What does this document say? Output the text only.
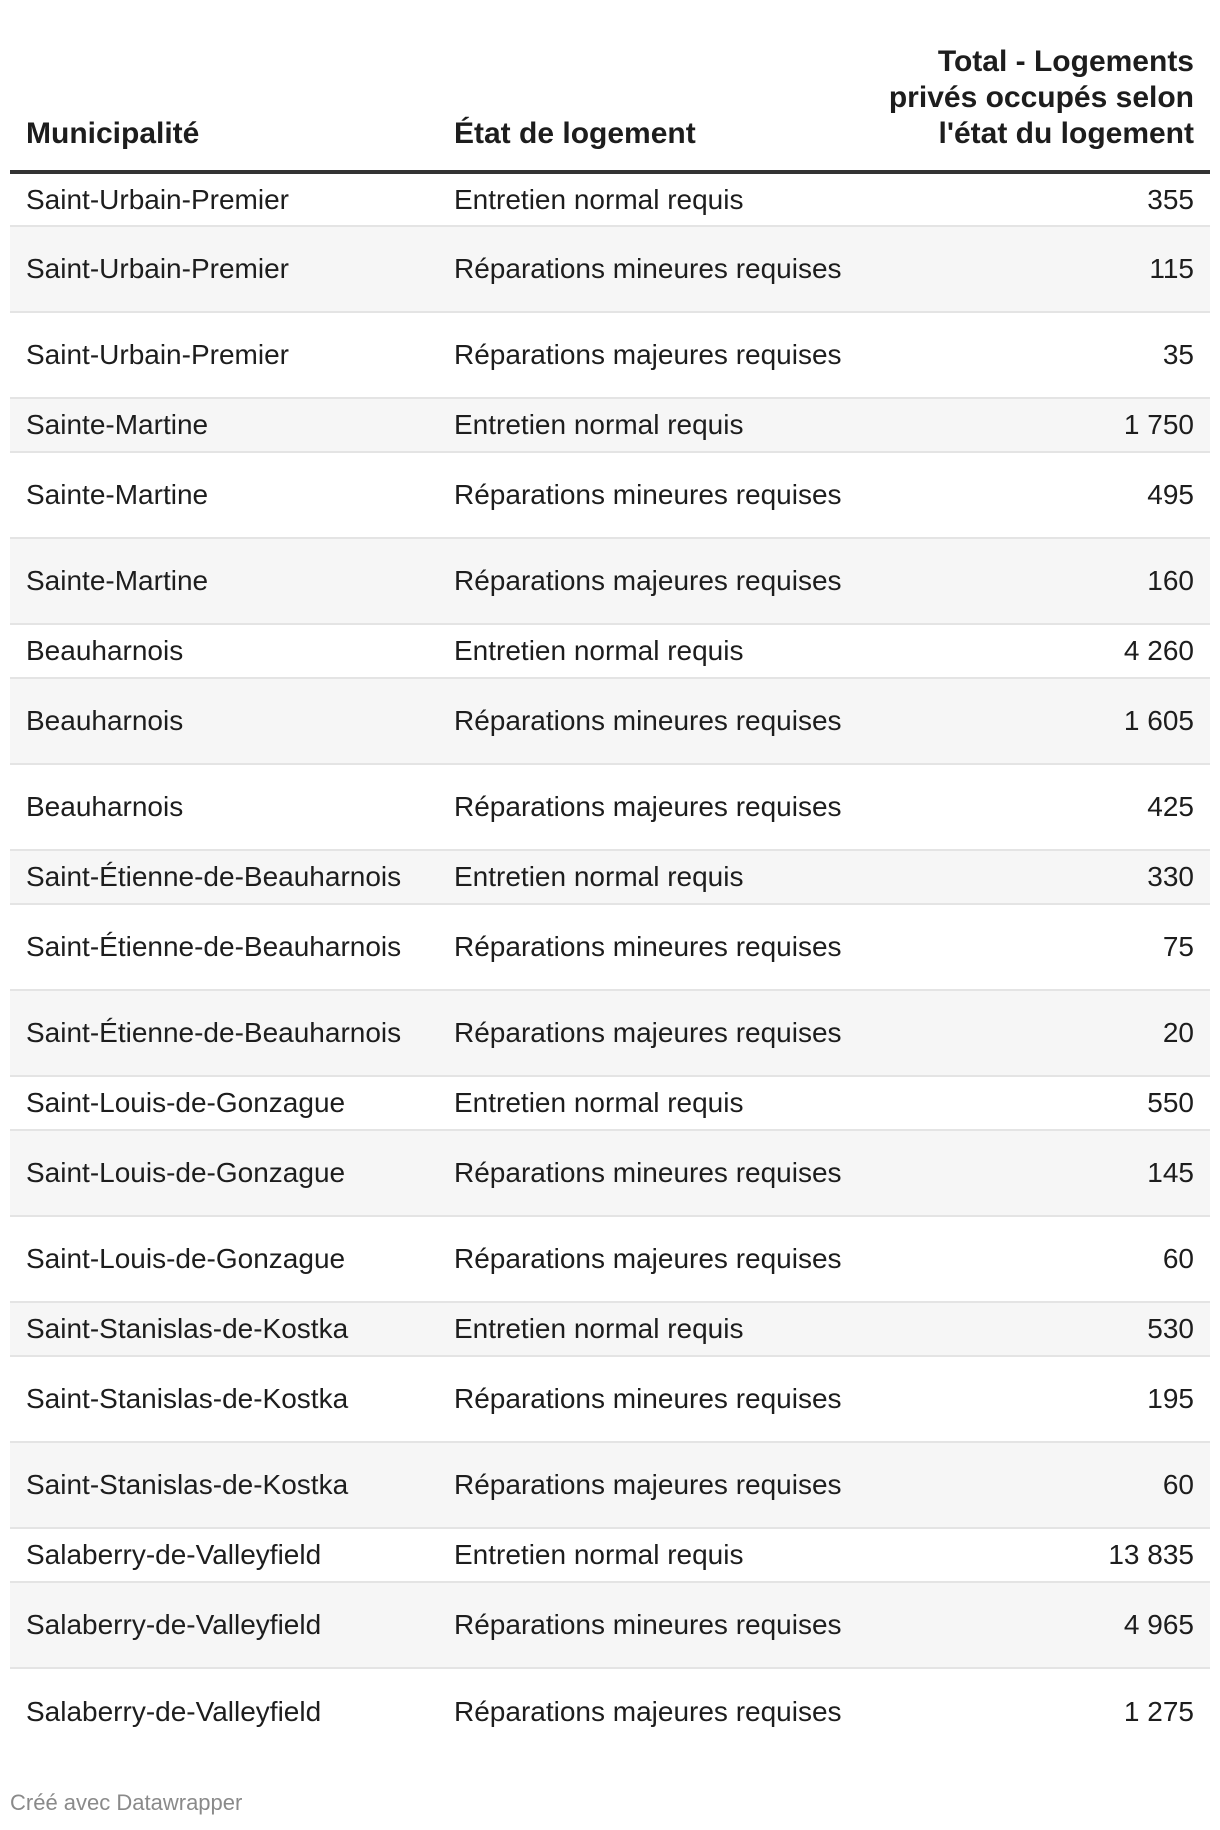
Municipalité	État de logement	Total - Logements privés occupés selon l'état du logement
Saint-Urbain-Premier	Entretien normal requis	355
Saint-Urbain-Premier	Réparations mineures requises	115
Saint-Urbain-Premier	Réparations majeures requises	35
Sainte-Martine	Entretien normal requis	1 750
Sainte-Martine	Réparations mineures requises	495
Sainte-Martine	Réparations majeures requises	160
Beauharnois	Entretien normal requis	4 260
Beauharnois	Réparations mineures requises	1 605
Beauharnois	Réparations majeures requises	425
Saint-Étienne-de-Beauharnois	Entretien normal requis	330
Saint-Étienne-de-Beauharnois	Réparations mineures requises	75
Saint-Étienne-de-Beauharnois	Réparations majeures requises	20
Saint-Louis-de-Gonzague	Entretien normal requis	550
Saint-Louis-de-Gonzague	Réparations mineures requises	145
Saint-Louis-de-Gonzague	Réparations majeures requises	60
Saint-Stanislas-de-Kostka	Entretien normal requis	530
Saint-Stanislas-de-Kostka	Réparations mineures requises	195
Saint-Stanislas-de-Kostka	Réparations majeures requises	60
Salaberry-de-Valleyfield	Entretien normal requis	13 835
Salaberry-de-Valleyfield	Réparations mineures requises	4 965
Salaberry-de-Valleyfield	Réparations majeures requises	1 275
Créé avec Datawrapper
